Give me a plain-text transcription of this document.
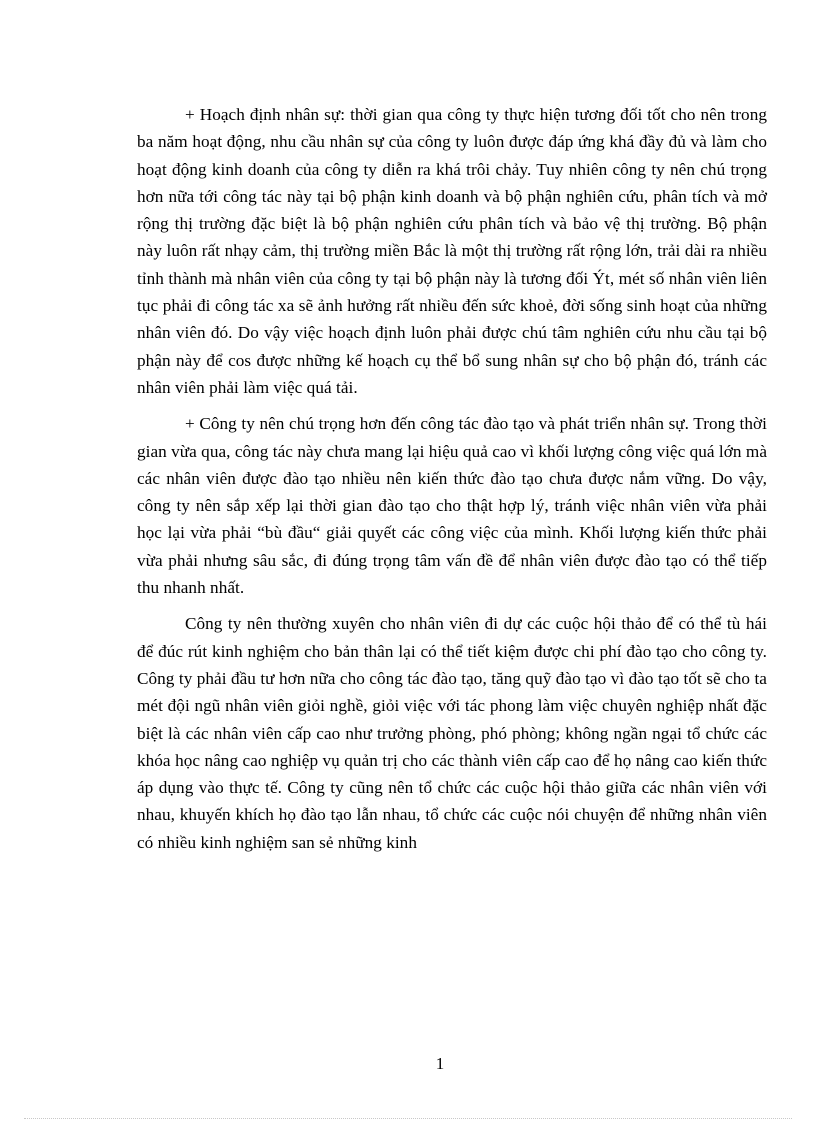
+ Hoạch định nhân sự: thời gian qua công ty thực hiện tương đối tốt cho nên trong ba năm hoạt động, nhu cầu nhân sự của công ty luôn được đáp ứng khá đầy đủ và làm cho hoạt động kinh doanh của công ty diễn ra khá trôi chảy. Tuy nhiên công ty nên chú trọng hơn nữa tới công tác này tại bộ phận kinh doanh và bộ phận nghiên cứu, phân tích và mở rộng thị trường đặc biệt là bộ phận nghiên cứu phân tích và bảo vệ thị trường. Bộ phận này luôn rất nhạy cảm, thị trường miền Bắc là một thị trường rất rộng lớn, trải dài ra nhiều tỉnh thành mà nhân viên của công ty tại bộ phận này là tương đối Ýt, mét số nhân viên liên tục phải đi công tác xa sẽ ảnh hưởng rất nhiều đến sức khoẻ, đời sống sinh hoạt của những nhân viên đó. Do vậy việc hoạch định luôn phải được chú tâm nghiên cứu nhu cầu tại bộ phận này để cos được những kế hoạch cụ thể bổ sung nhân sự cho bộ phận đó, tránh các nhân viên phải làm việc quá tải.

+ Công ty nên chú trọng hơn đến công tác đào tạo và phát triển nhân sự. Trong thời gian vừa qua, công tác này chưa mang lại hiệu quả cao vì khối lượng công việc quá lớn mà các nhân viên được đào tạo nhiều nên kiến thức đào tạo chưa được nắm vững. Do vậy, công ty nên sắp xếp lại thời gian đào tạo cho thật hợp lý, tránh việc nhân viên vừa phải học lại vừa phải “bù đầu“ giải quyết các công việc của mình. Khối lượng kiến thức phải vừa phải nhưng sâu sắc, đi đúng trọng tâm vấn đề để nhân viên được đào tạo có thể tiếp thu nhanh nhất.

Công ty nên thường xuyên cho nhân viên đi dự các cuộc hội thảo để có thể tù hái để đúc rút kinh nghiệm cho bản thân lại có thể tiết kiệm được chi phí đào tạo cho công ty. Công ty phải đầu tư hơn nữa cho công tác đào tạo, tăng quỹ đào tạo vì đào tạo tốt sẽ cho ta mét đội ngũ nhân viên giỏi nghề, giỏi việc với tác phong làm việc chuyên nghiệp nhất đặc biệt là các nhân viên cấp cao như trưởng phòng, phó phòng; không ngần ngại tổ chức các khóa học nâng cao nghiệp vụ quản trị cho các thành viên cấp cao để họ nâng cao kiến thức áp dụng vào thực tế. Công ty cũng nên tổ chức các cuộc hội thảo giữa các nhân viên với nhau, khuyến khích họ đào tạo lẫn nhau, tổ chức các cuộc nói chuyện để những nhân viên có nhiều kinh nghiệm san sẻ những kinh

1
